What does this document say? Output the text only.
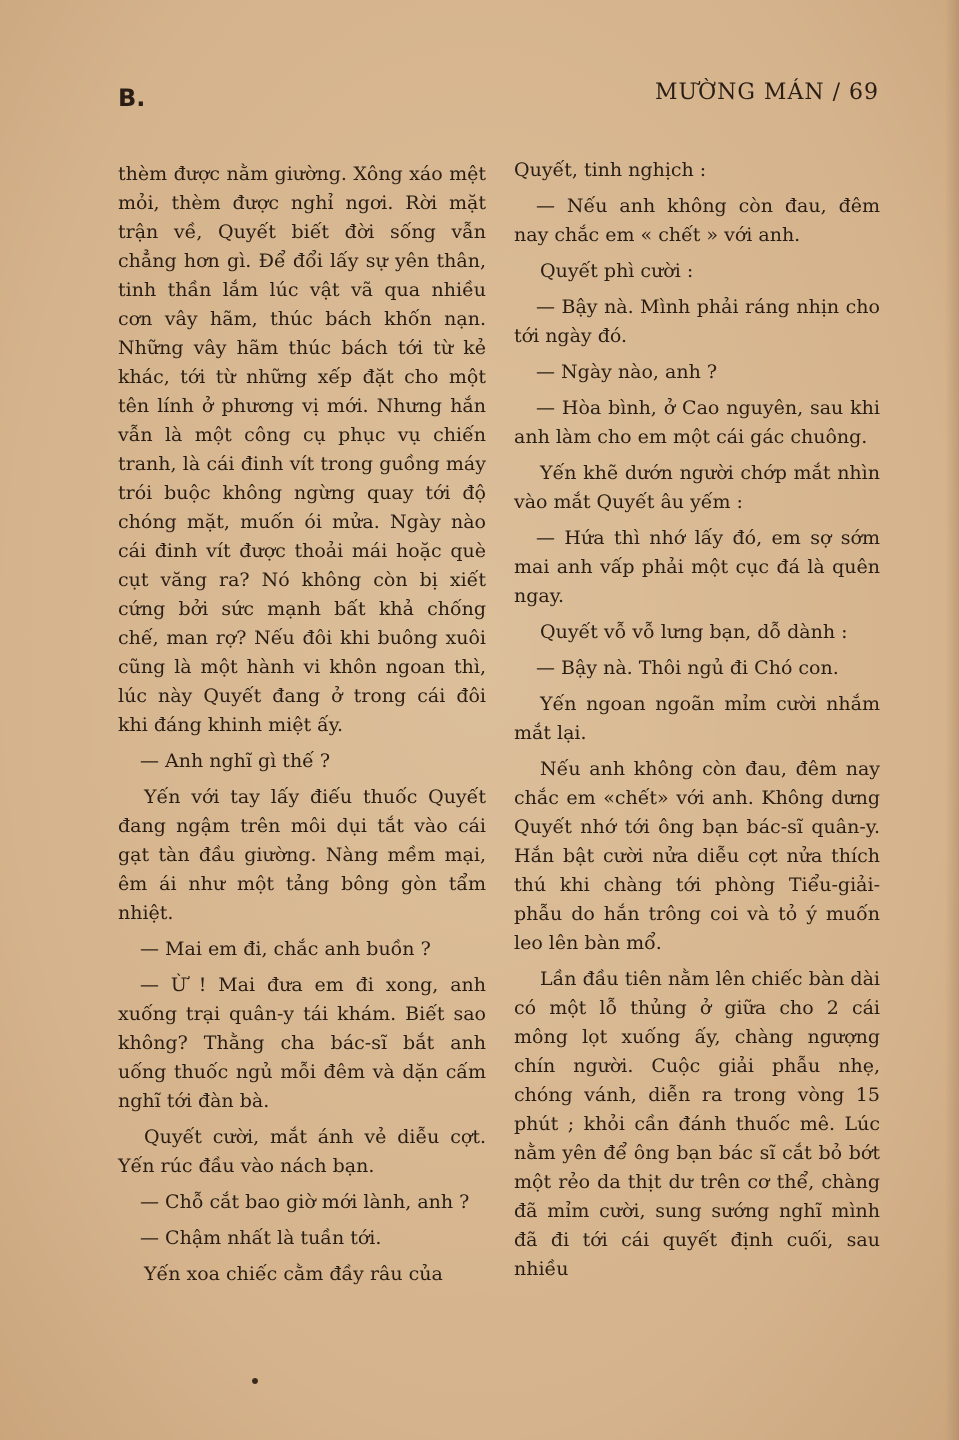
B.	MƯỜNG MÁN / 69

thèm được nằm giường. Xông xáo mệt mỏi, thèm được nghỉ ngơi. Rời mặt trận về, Quyết biết đời sống vẫn chẳng hơn gì. Để đổi lấy sự yên thân, tinh thần lắm lúc vật vã qua nhiều cơn vây hãm, thúc bách khốn nạn. Những vây hãm thúc bách tới từ kẻ khác, tới từ những xếp đặt cho một tên lính ở phương vị mới. Nhưng hắn vẫn là một công cụ phục vụ chiến tranh, là cái đinh vít trong guồng máy trói buộc không ngừng quay tới độ chóng mặt, muốn ói mửa. Ngày nào cái đinh vít được thoải mái hoặc què cụt văng ra? Nó không còn bị xiết cứng bởi sức mạnh bất khả chống chế, man rợ? Nếu đôi khi buông xuôi cũng là một hành vi khôn ngoan thì, lúc này Quyết đang ở trong cái đôi khi đáng khinh miệt ấy.

— Anh nghĩ gì thế ?

Yến với tay lấy điếu thuốc Quyết đang ngậm trên môi dụi tắt vào cái gạt tàn đầu giường. Nàng mềm mại, êm ái như một tảng bông gòn tẩm nhiệt.

— Mai em đi, chắc anh buồn ?

— Ừ ! Mai đưa em đi xong, anh xuống trại quân-y tái khám. Biết sao không? Thằng cha bác-sĩ bắt anh uống thuốc ngủ mỗi đêm và dặn cấm nghĩ tới đàn bà.

Quyết cười, mắt ánh vẻ diễu cợt. Yến rúc đầu vào nách bạn.

— Chỗ cắt bao giờ mới lành, anh ?

— Chậm nhất là tuần tới.

Yến xoa chiếc cằm đầy râu của

Quyết, tinh nghịch :

— Nếu anh không còn đau, đêm nay chắc em « chết » với anh.

Quyết phì cười :

— Bậy nà. Mình phải ráng nhịn cho tới ngày đó.

— Ngày nào, anh ?

— Hòa bình, ở Cao nguyên, sau khi anh làm cho em một cái gác chuông.

Yến khẽ dướn người chớp mắt nhìn vào mắt Quyết âu yếm :

— Hứa thì nhớ lấy đó, em sợ sớm mai anh vấp phải một cục đá là quên ngay.

Quyết vỗ vỗ lưng bạn, dỗ dành :

— Bậy nà. Thôi ngủ đi Chó con.

Yến ngoan ngoãn mỉm cười nhắm mắt lại.

Nếu anh không còn đau, đêm nay chắc em «chết» với anh. Không dưng Quyết nhớ tới ông bạn bác-sĩ quân-y. Hắn bật cười nửa diễu cợt nửa thích thú khi chàng tới phòng Tiểu-giải-phẫu do hắn trông coi và tỏ ý muốn leo lên bàn mổ.

Lần đầu tiên nằm lên chiếc bàn dài có một lỗ thủng ở giữa cho 2 cái mông lọt xuống ấy, chàng ngượng chín người. Cuộc giải phẫu nhẹ, chóng vánh, diễn ra trong vòng 15 phút ; khỏi cần đánh thuốc mê. Lúc nằm yên để ông bạn bác sĩ cắt bỏ bớt một rẻo da thịt dư trên cơ thể, chàng đã mỉm cười, sung sướng nghĩ mình đã đi tới cái quyết định cuối, sau nhiều
